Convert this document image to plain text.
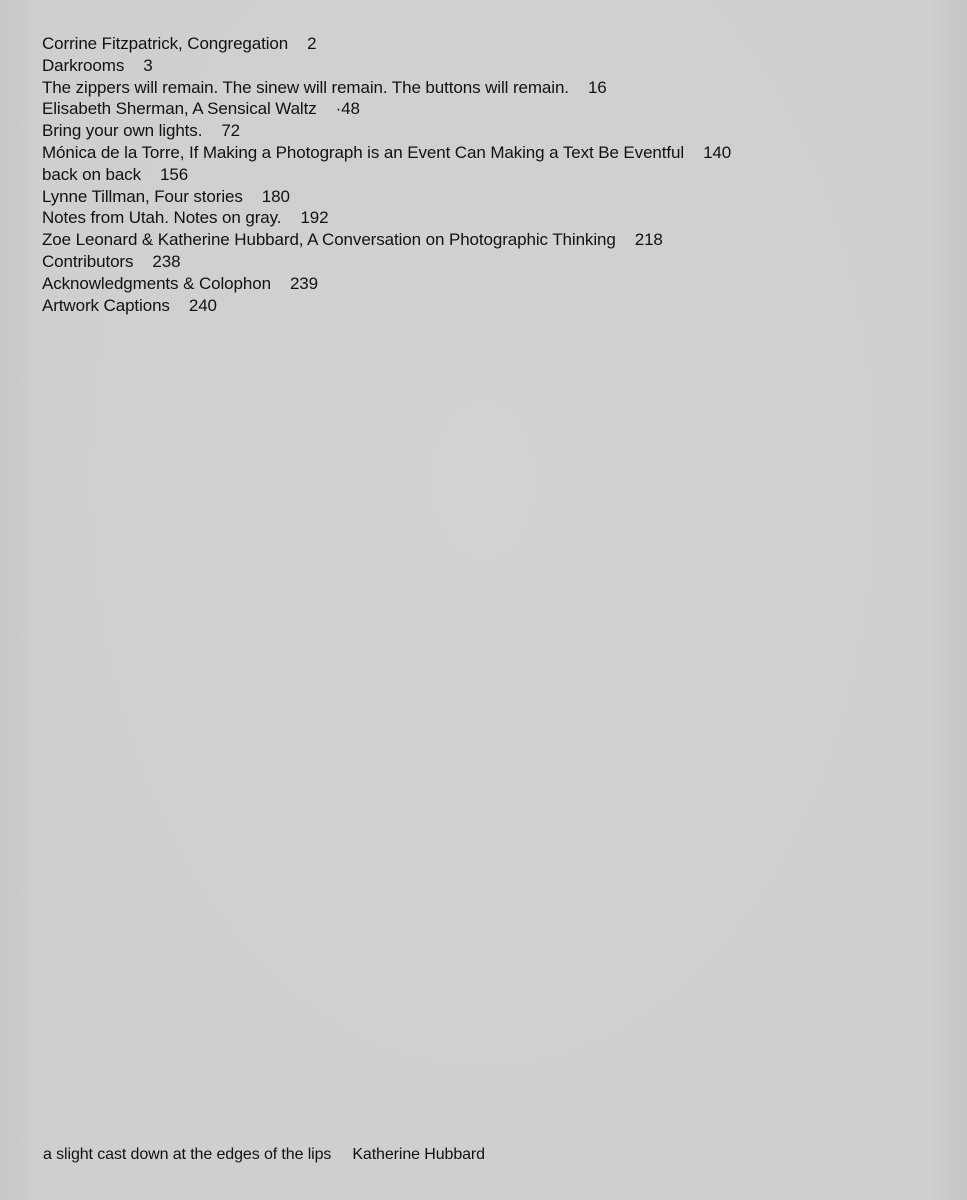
Corrine Fitzpatrick, Congregation 2
Darkrooms 3
The zippers will remain. The sinew will remain. The buttons will remain. 16
Elisabeth Sherman, A Sensical Waltz ·48
Bring your own lights. 72
Mónica de la Torre, If Making a Photograph is an Event Can Making a Text Be Eventful 140
back on back 156
Lynne Tillman, Four stories 180
Notes from Utah. Notes on gray. 192
Zoe Leonard & Katherine Hubbard, A Conversation on Photographic Thinking 218
Contributors 238
Acknowledgments & Colophon 239
Artwork Captions 240
a slight cast down at the edges of the lips Katherine Hubbard
